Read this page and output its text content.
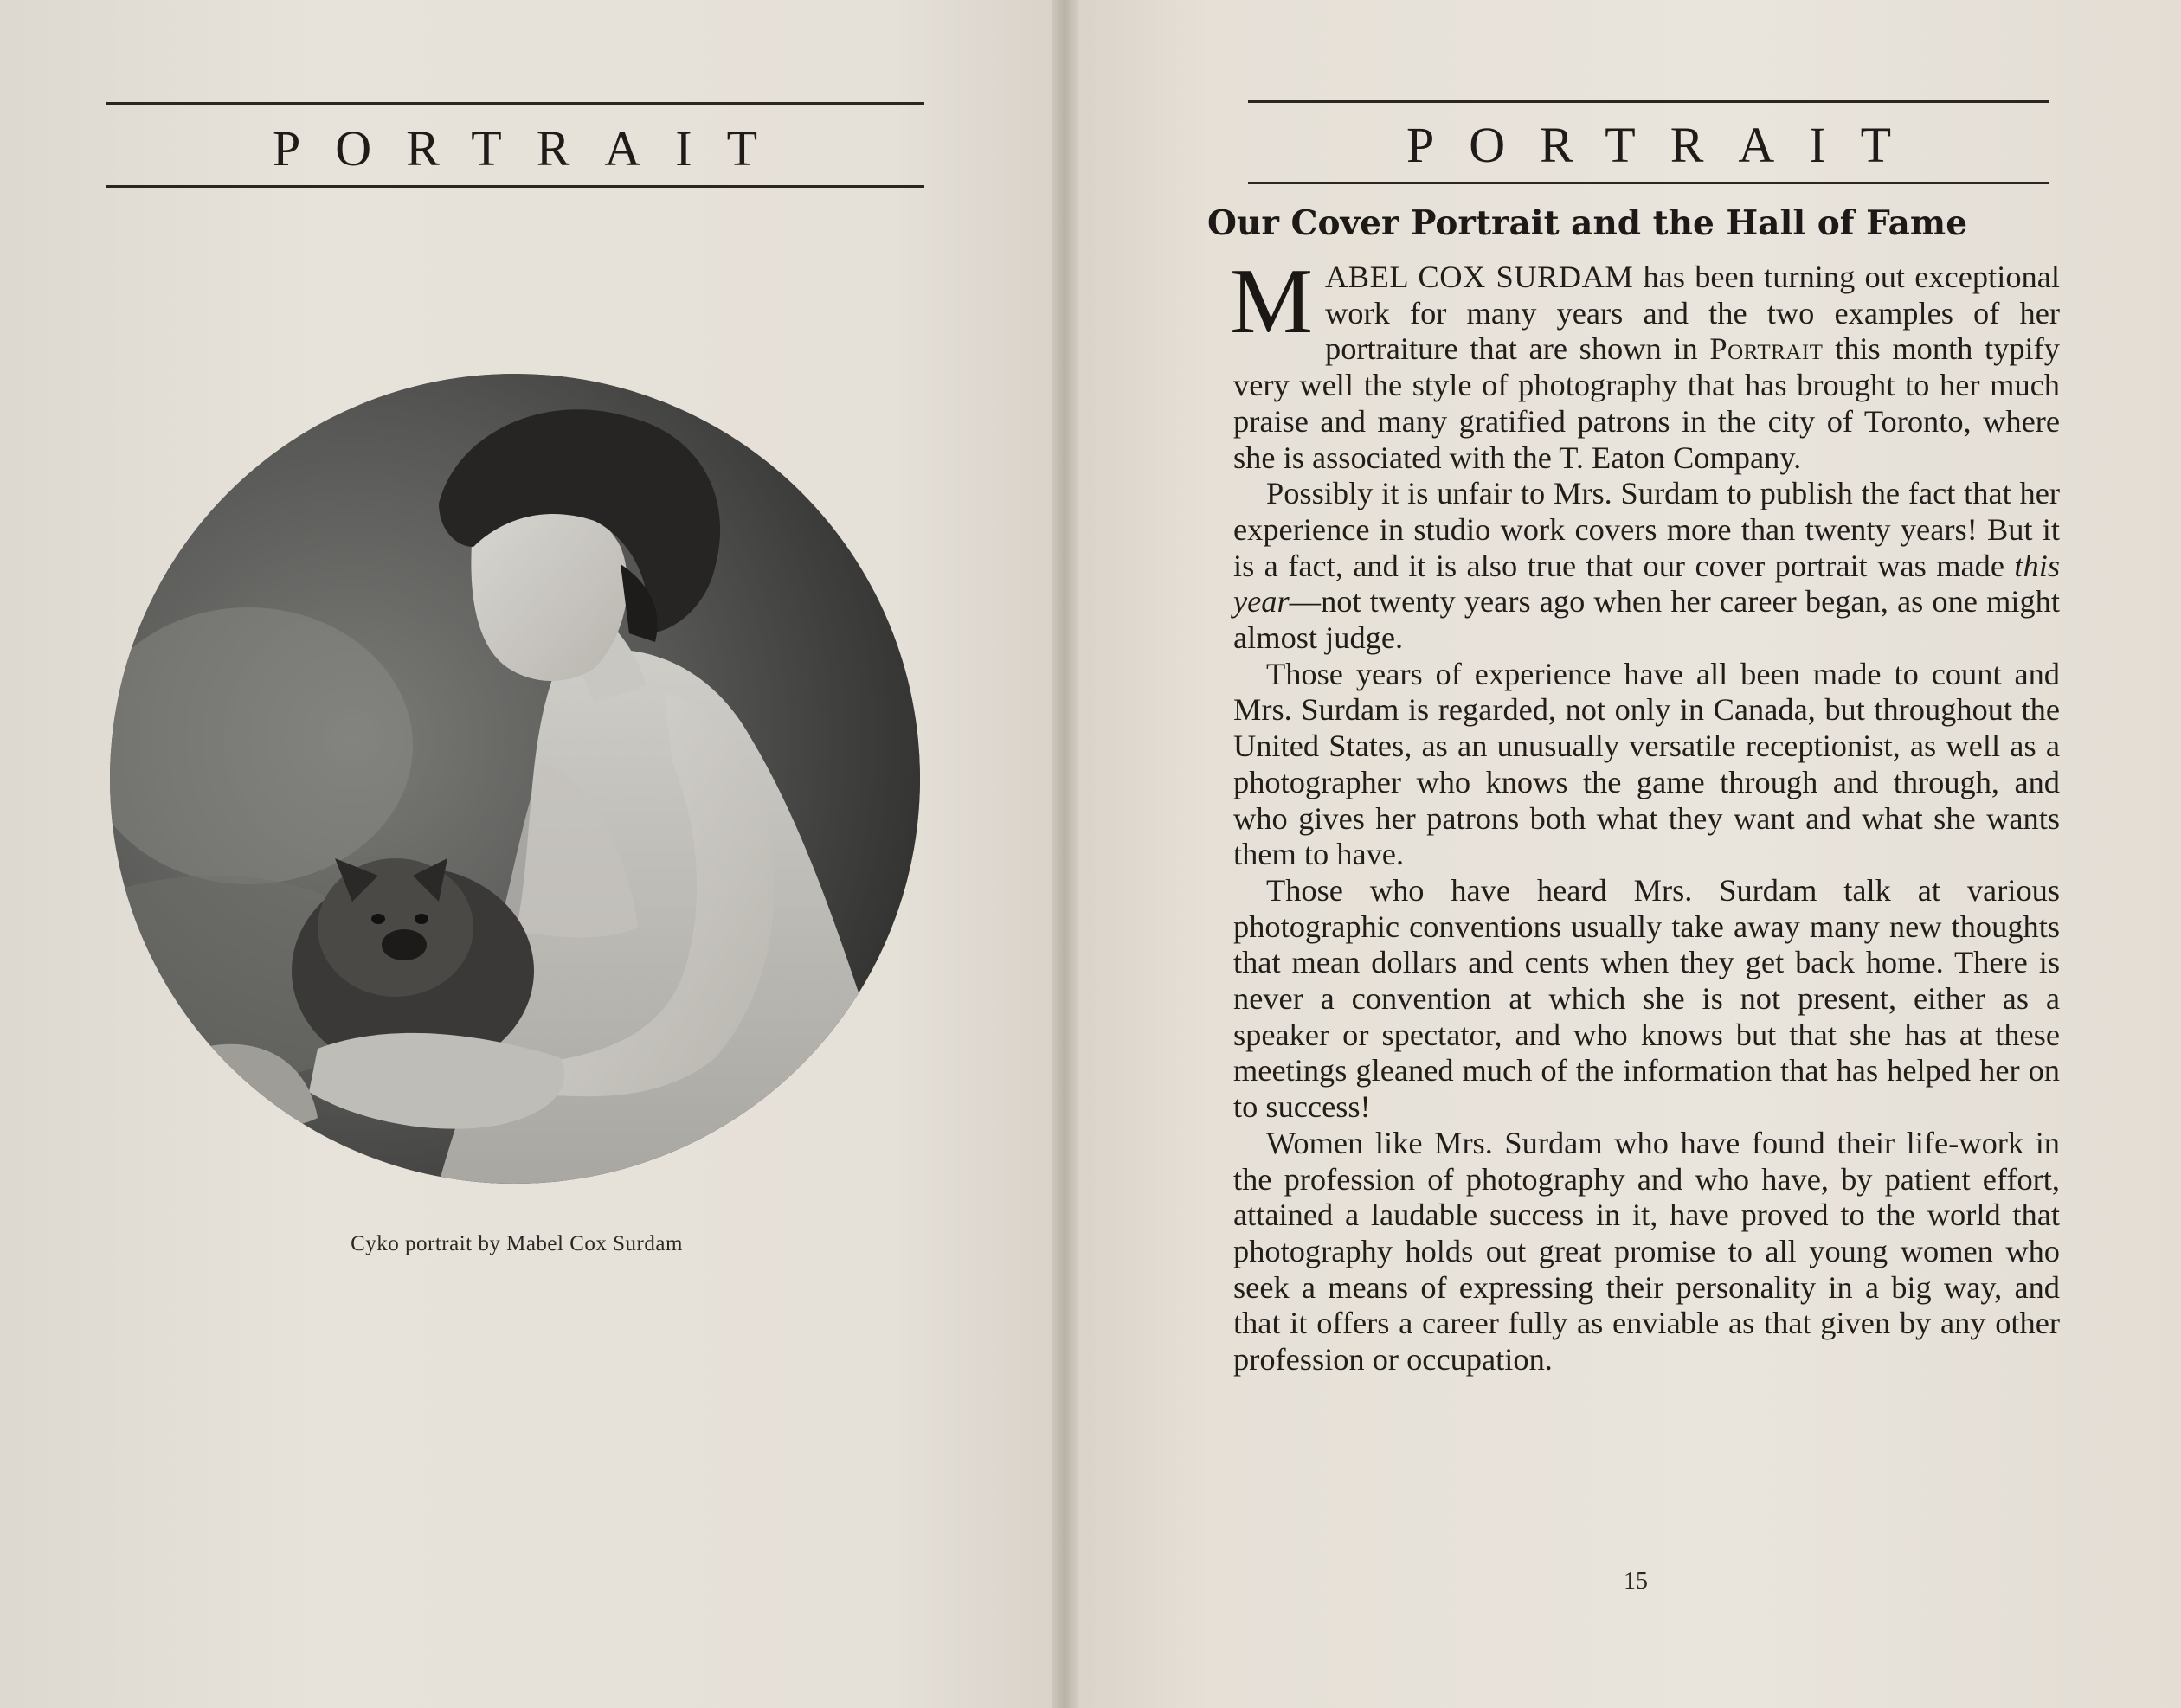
PORTRAIT
Cyko portrait by Mabel Cox Surdam
PORTRAIT
Our Cover Portrait and the Hall of Fame

MABEL COX SURDAM has been turning out exceptional work for many years and the two examples of her portraiture that are shown in Portrait this month typify very well the style of photography that has brought to her much praise and many gratified patrons in the city of Toronto, where she is associated with the T. Eaton Company.

Possibly it is unfair to Mrs. Surdam to publish the fact that her experience in studio work covers more than twenty years! But it is a fact, and it is also true that our cover portrait was made this year—not twenty years ago when her career began, as one might almost judge.

Those years of experience have all been made to count and Mrs. Surdam is regarded, not only in Canada, but throughout the United States, as an unusually versatile receptionist, as well as a photographer who knows the game through and through, and who gives her patrons both what they want and what she wants them to have.

Those who have heard Mrs. Surdam talk at various photographic conventions usually take away many new thoughts that mean dollars and cents when they get back home. There is never a convention at which she is not present, either as a speaker or spectator, and who knows but that she has at these meetings gleaned much of the information that has helped her on to success!

Women like Mrs. Surdam who have found their life-work in the profession of photography and who have, by patient effort, attained a laudable success in it, have proved to the world that photography holds out great promise to all young women who seek a means of expressing their personality in a big way, and that it offers a career fully as enviable as that given by any other profession or occupation.

15
